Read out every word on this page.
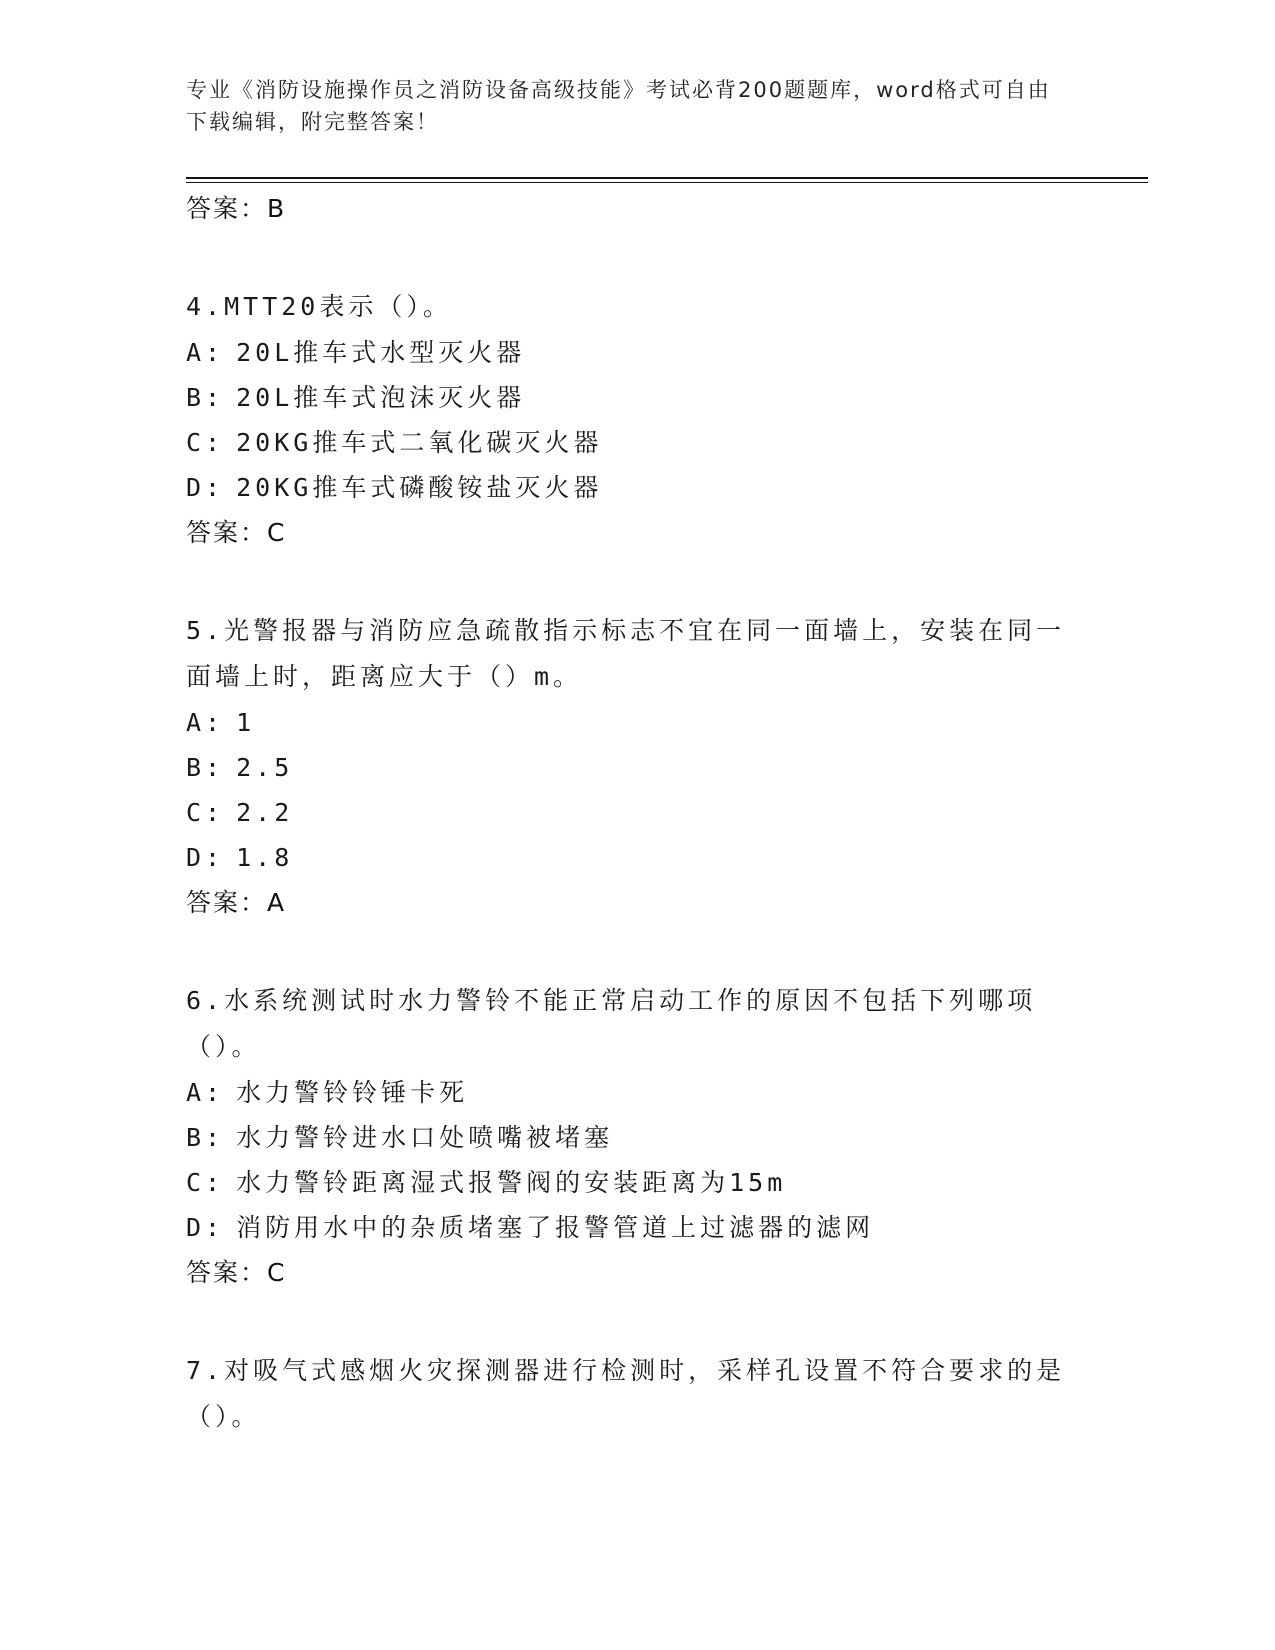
专业《消防设施操作员之消防设备高级技能》考试必背200题题库，word格式可自由下载编辑，附完整答案！
答案：B
4.MTT20表示（）。
A: 20L推车式水型灭火器
B: 20L推车式泡沫灭火器
C: 20KG推车式二氧化碳灭火器
D: 20KG推车式磷酸铵盐灭火器
答案：C
5.光警报器与消防应急疏散指示标志不宜在同一面墙上，安装在同一面墙上时，距离应大于（）m。
A: 1
B: 2.5
C: 2.2
D: 1.8
答案：A
6.水系统测试时水力警铃不能正常启动工作的原因不包括下列哪项（）。
A: 水力警铃铃锤卡死
B: 水力警铃进水口处喷嘴被堵塞
C: 水力警铃距离湿式报警阀的安装距离为15m
D: 消防用水中的杂质堵塞了报警管道上过滤器的滤网
答案：C
7.对吸气式感烟火灾探测器进行检测时，采样孔设置不符合要求的是（）。
